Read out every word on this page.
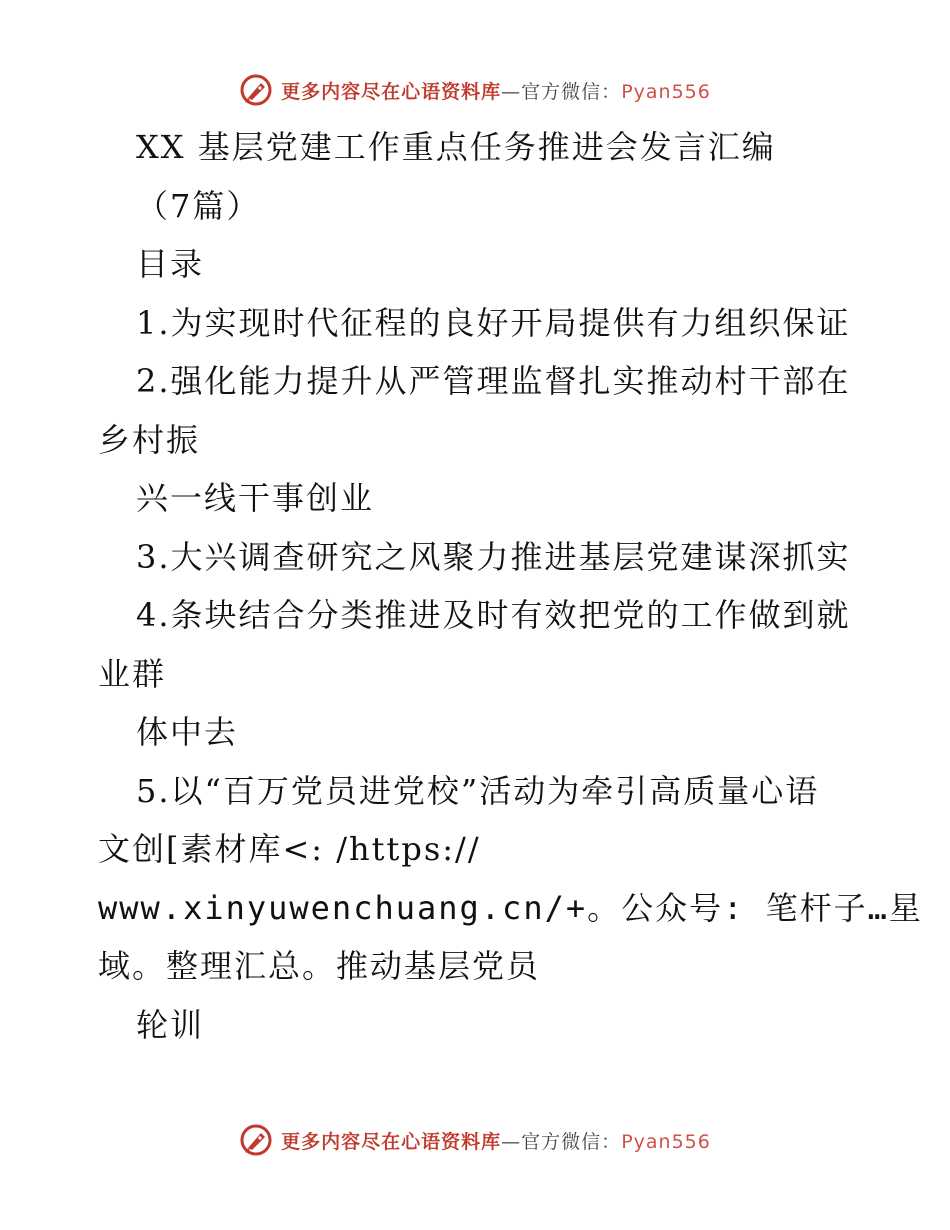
更多内容尽在心语资料库—官方微信：Pyan556
XX 基层党建工作重点任务推进会发言汇编
（7篇）
目录
1.为实现时代征程的良好开局提供有力组织保证
2.强化能力提升从严管理监督扎实推动村干部在
乡村振
兴一线干事创业
3.大兴调查研究之风聚力推进基层党建谋深抓实
4.条块结合分类推进及时有效把党的工作做到就
业群
体中去
5.以“百万党员进党校”活动为牵引高质量心语
文创[素材库<: /https://
www.xinyuwenchuang.cn/+。公众号: 笔杆子…星
域。整理汇总。推动基层党员
轮训
更多内容尽在心语资料库—官方微信：Pyan556
